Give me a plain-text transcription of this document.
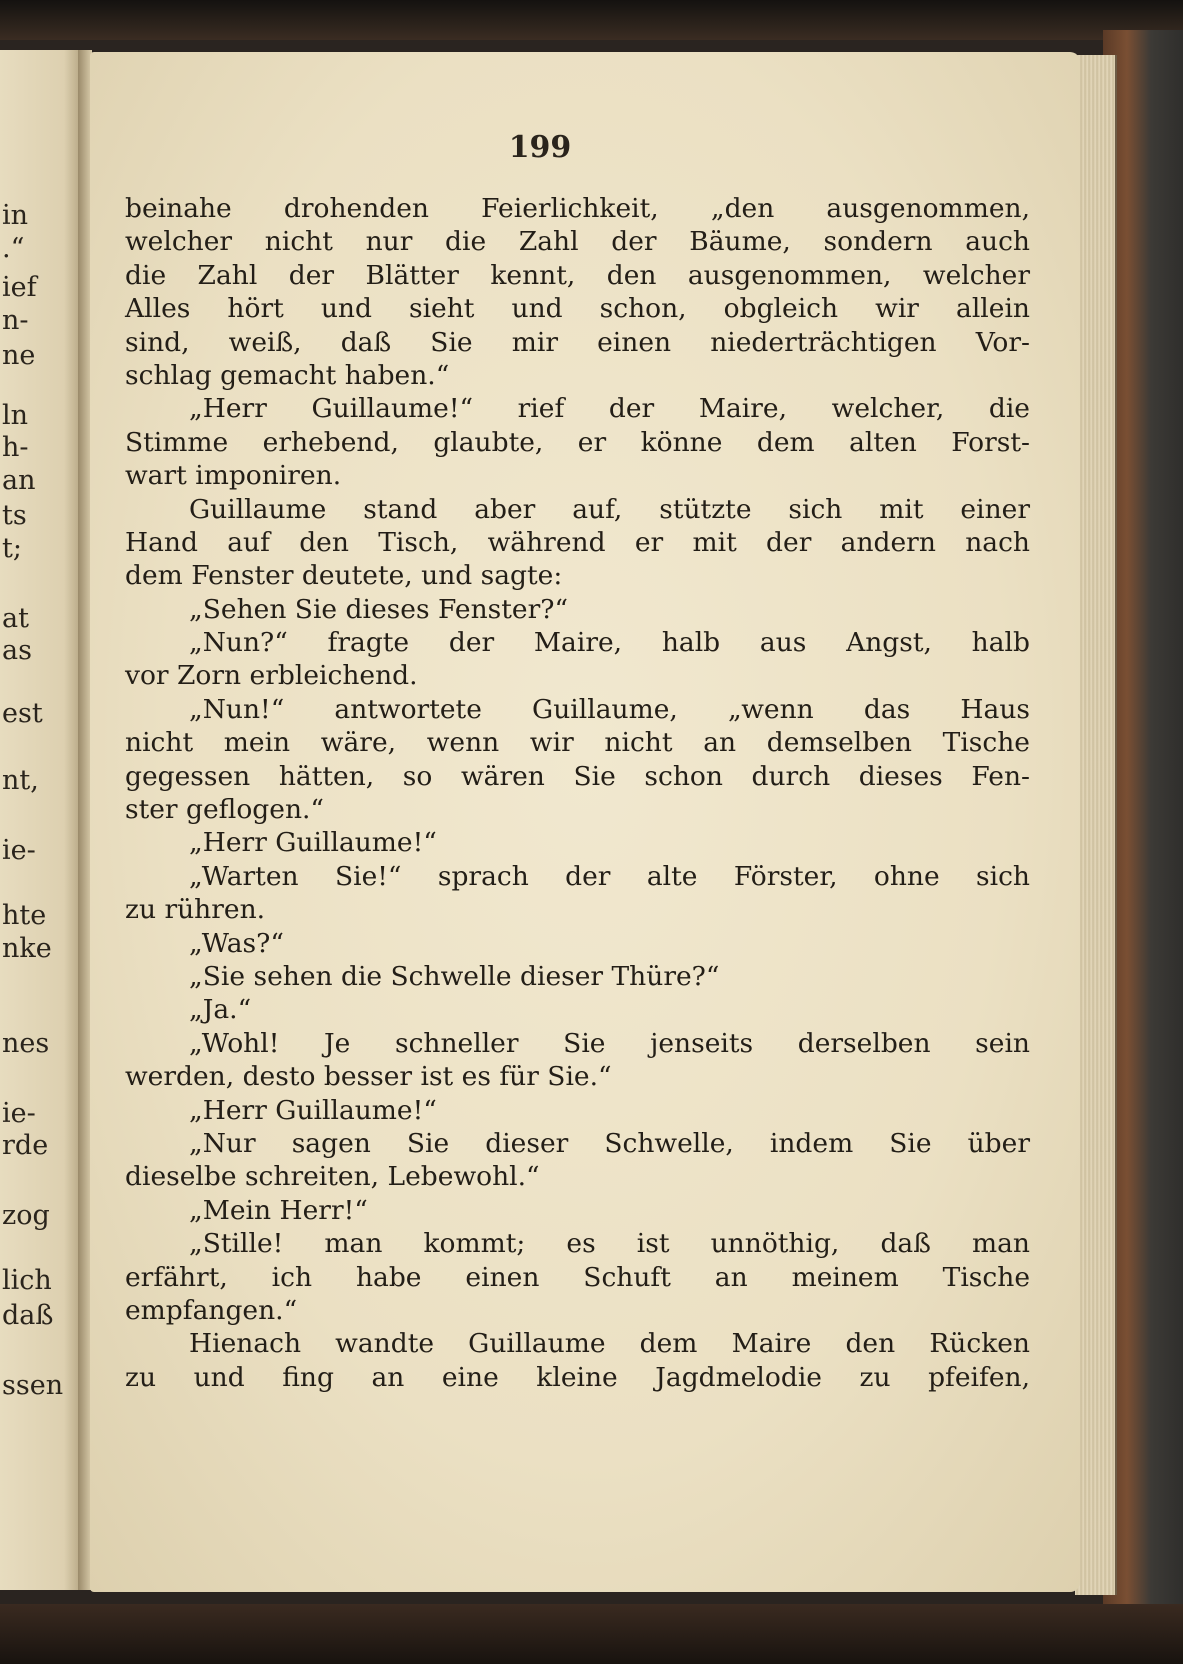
in
.“
ief
n-
ne
ln
h-
an
ts
t;
at
as
est
nt,
ie-
hte
nke
nes
ie-
rde
zog
lich
daß
ssen
199
beinahe drohenden Feierlichkeit, „den ausgenommen,
welcher nicht nur die Zahl der Bäume, sondern auch
die Zahl der Blätter kennt, den ausgenommen, welcher
Alles hört und sieht und schon, obgleich wir allein
sind, weiß, daß Sie mir einen niederträchtigen Vor-
schlag gemacht haben.“
„Herr Guillaume!“ rief der Maire, welcher, die
Stimme erhebend, glaubte, er könne dem alten Forst-
wart imponiren.
Guillaume stand aber auf, stützte sich mit einer
Hand auf den Tisch, während er mit der andern nach
dem Fenster deutete, und sagte:
„Sehen Sie dieses Fenster?“
„Nun?“ fragte der Maire, halb aus Angst, halb
vor Zorn erbleichend.
„Nun!“ antwortete Guillaume, „wenn das Haus
nicht mein wäre, wenn wir nicht an demselben Tische
gegessen hätten, so wären Sie schon durch dieses Fen-
ster geflogen.“
„Herr Guillaume!“
„Warten Sie!“ sprach der alte Förster, ohne sich
zu rühren.
„Was?“
„Sie sehen die Schwelle dieser Thüre?“
„Ja.“
„Wohl! Je schneller Sie jenseits derselben sein
werden, desto besser ist es für Sie.“
„Herr Guillaume!“
„Nur sagen Sie dieser Schwelle, indem Sie über
dieselbe schreiten, Lebewohl.“
„Mein Herr!“
„Stille! man kommt; es ist unnöthig, daß man
erfährt, ich habe einen Schuft an meinem Tische
empfangen.“
Hienach wandte Guillaume dem Maire den Rücken
zu und fing an eine kleine Jagdmelodie zu pfeifen,
